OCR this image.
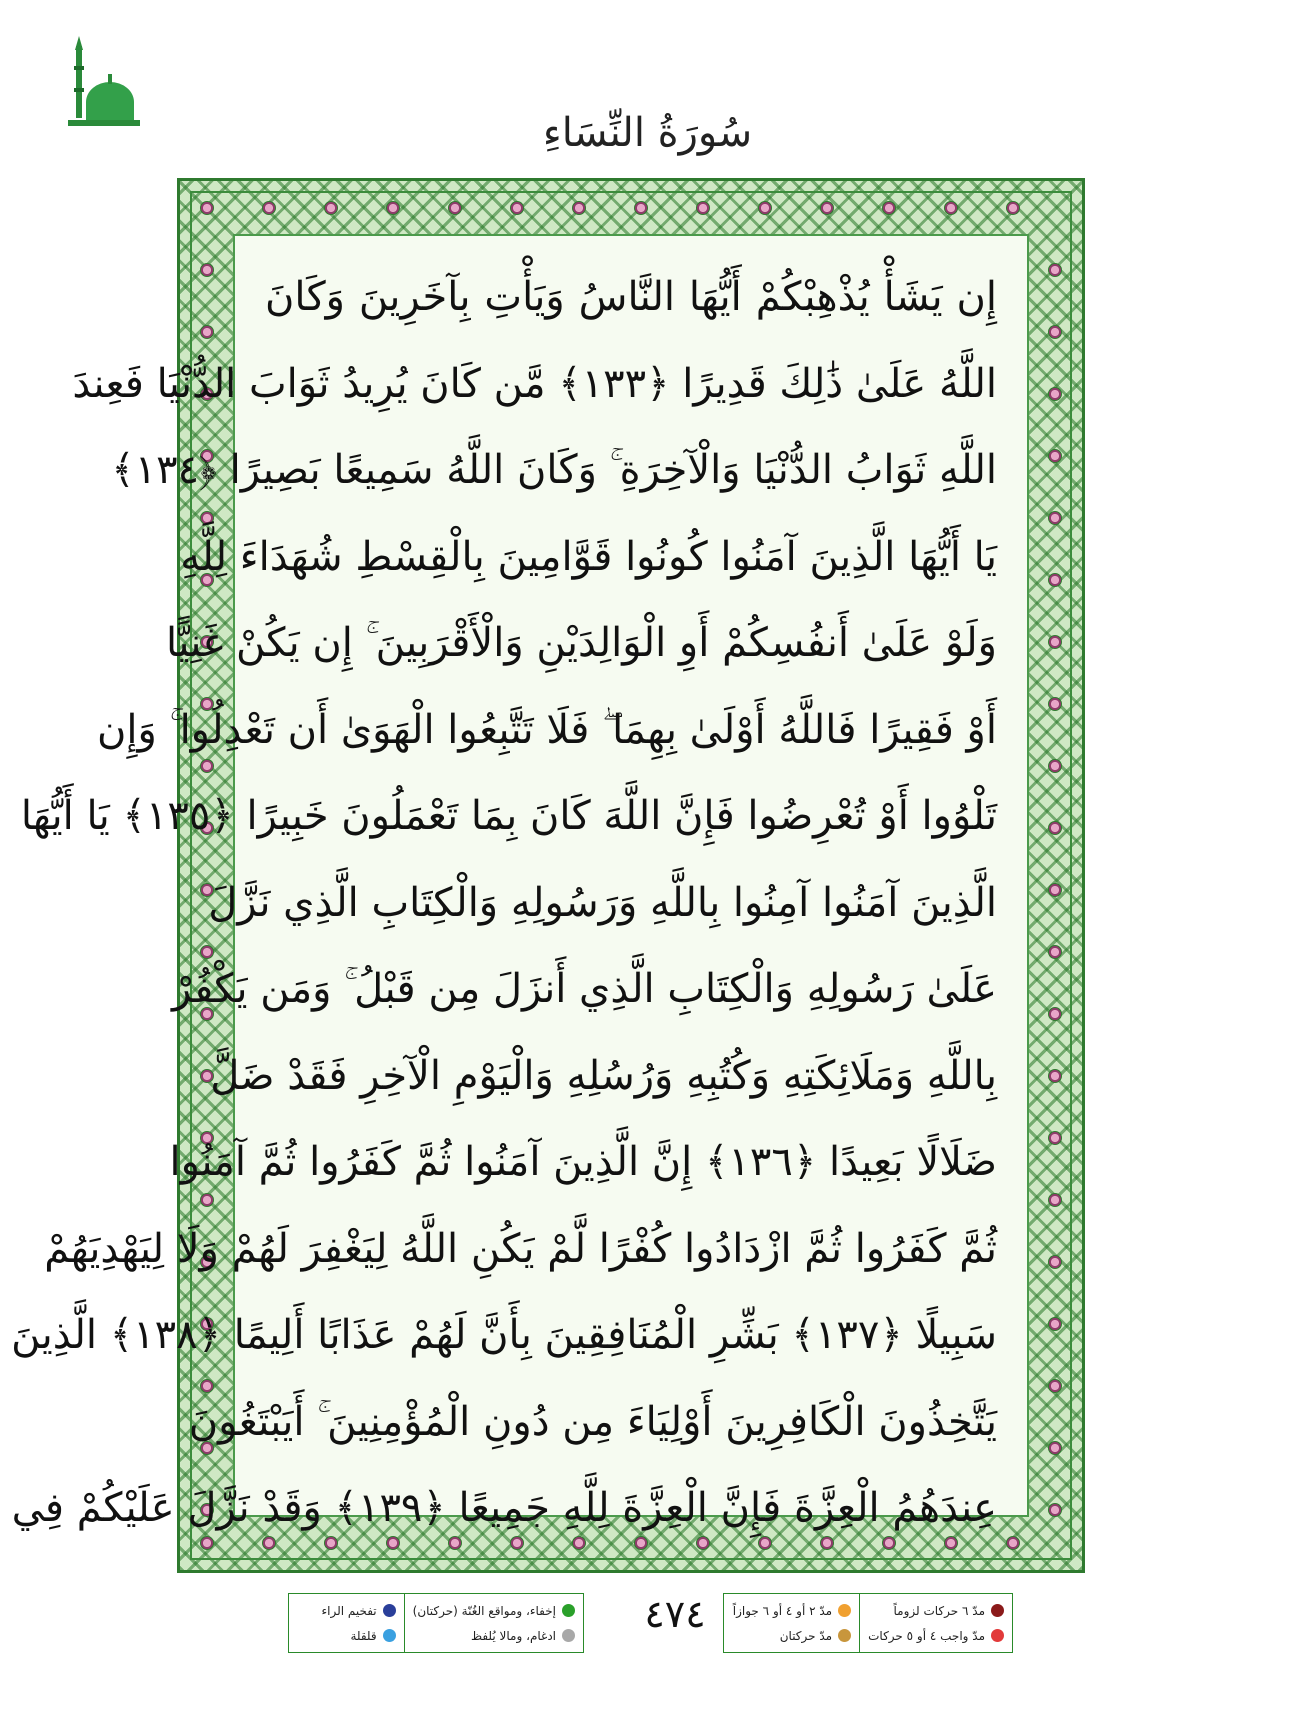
سُورَةُ النِّسَاءِ
إِن يَشَأْ يُذْهِبْكُمْ أَيُّهَا النَّاسُ وَيَأْتِ بِآخَرِينَ وَكَانَ
اللَّهُ عَلَىٰ ذَٰلِكَ قَدِيرًا ﴿١٣٣﴾ مَّن كَانَ يُرِيدُ ثَوَابَ الدُّنْيَا فَعِندَ
اللَّهِ ثَوَابُ الدُّنْيَا وَالْآخِرَةِ ۚ وَكَانَ اللَّهُ سَمِيعًا بَصِيرًا ﴿١٣٤﴾
يَا أَيُّهَا الَّذِينَ آمَنُوا كُونُوا قَوَّامِينَ بِالْقِسْطِ شُهَدَاءَ لِلَّهِ
وَلَوْ عَلَىٰ أَنفُسِكُمْ أَوِ الْوَالِدَيْنِ وَالْأَقْرَبِينَ ۚ إِن يَكُنْ غَنِيًّا
أَوْ فَقِيرًا فَاللَّهُ أَوْلَىٰ بِهِمَا ۖ فَلَا تَتَّبِعُوا الْهَوَىٰ أَن تَعْدِلُوا ۚ وَإِن
تَلْوُوا أَوْ تُعْرِضُوا فَإِنَّ اللَّهَ كَانَ بِمَا تَعْمَلُونَ خَبِيرًا ﴿١٣٥﴾ يَا أَيُّهَا
الَّذِينَ آمَنُوا آمِنُوا بِاللَّهِ وَرَسُولِهِ وَالْكِتَابِ الَّذِي نَزَّلَ
عَلَىٰ رَسُولِهِ وَالْكِتَابِ الَّذِي أَنزَلَ مِن قَبْلُ ۚ وَمَن يَكْفُرْ
بِاللَّهِ وَمَلَائِكَتِهِ وَكُتُبِهِ وَرُسُلِهِ وَالْيَوْمِ الْآخِرِ فَقَدْ ضَلَّ
ضَلَالًا بَعِيدًا ﴿١٣٦﴾ إِنَّ الَّذِينَ آمَنُوا ثُمَّ كَفَرُوا ثُمَّ آمَنُوا
ثُمَّ كَفَرُوا ثُمَّ ازْدَادُوا كُفْرًا لَّمْ يَكُنِ اللَّهُ لِيَغْفِرَ لَهُمْ وَلَا لِيَهْدِيَهُمْ
سَبِيلًا ﴿١٣٧﴾ بَشِّرِ الْمُنَافِقِينَ بِأَنَّ لَهُمْ عَذَابًا أَلِيمًا ﴿١٣٨﴾ الَّذِينَ
يَتَّخِذُونَ الْكَافِرِينَ أَوْلِيَاءَ مِن دُونِ الْمُؤْمِنِينَ ۚ أَيَبْتَغُونَ
عِندَهُمُ الْعِزَّةَ فَإِنَّ الْعِزَّةَ لِلَّهِ جَمِيعًا ﴿١٣٩﴾ وَقَدْ نَزَّلَ عَلَيْكُمْ فِي
مدّ ٦ حركات لزوماً
مدّ واجب ٤ أو ٥ حركات
مدّ ٢ أو ٤ أو ٦ جوازاً
مدّ حركتان
٤٧٤
إخفاء، ومواقع الغُنّة (حركتان)
ادغام، ومالا يُلفظ
تفخيم الراء
قلقلة
